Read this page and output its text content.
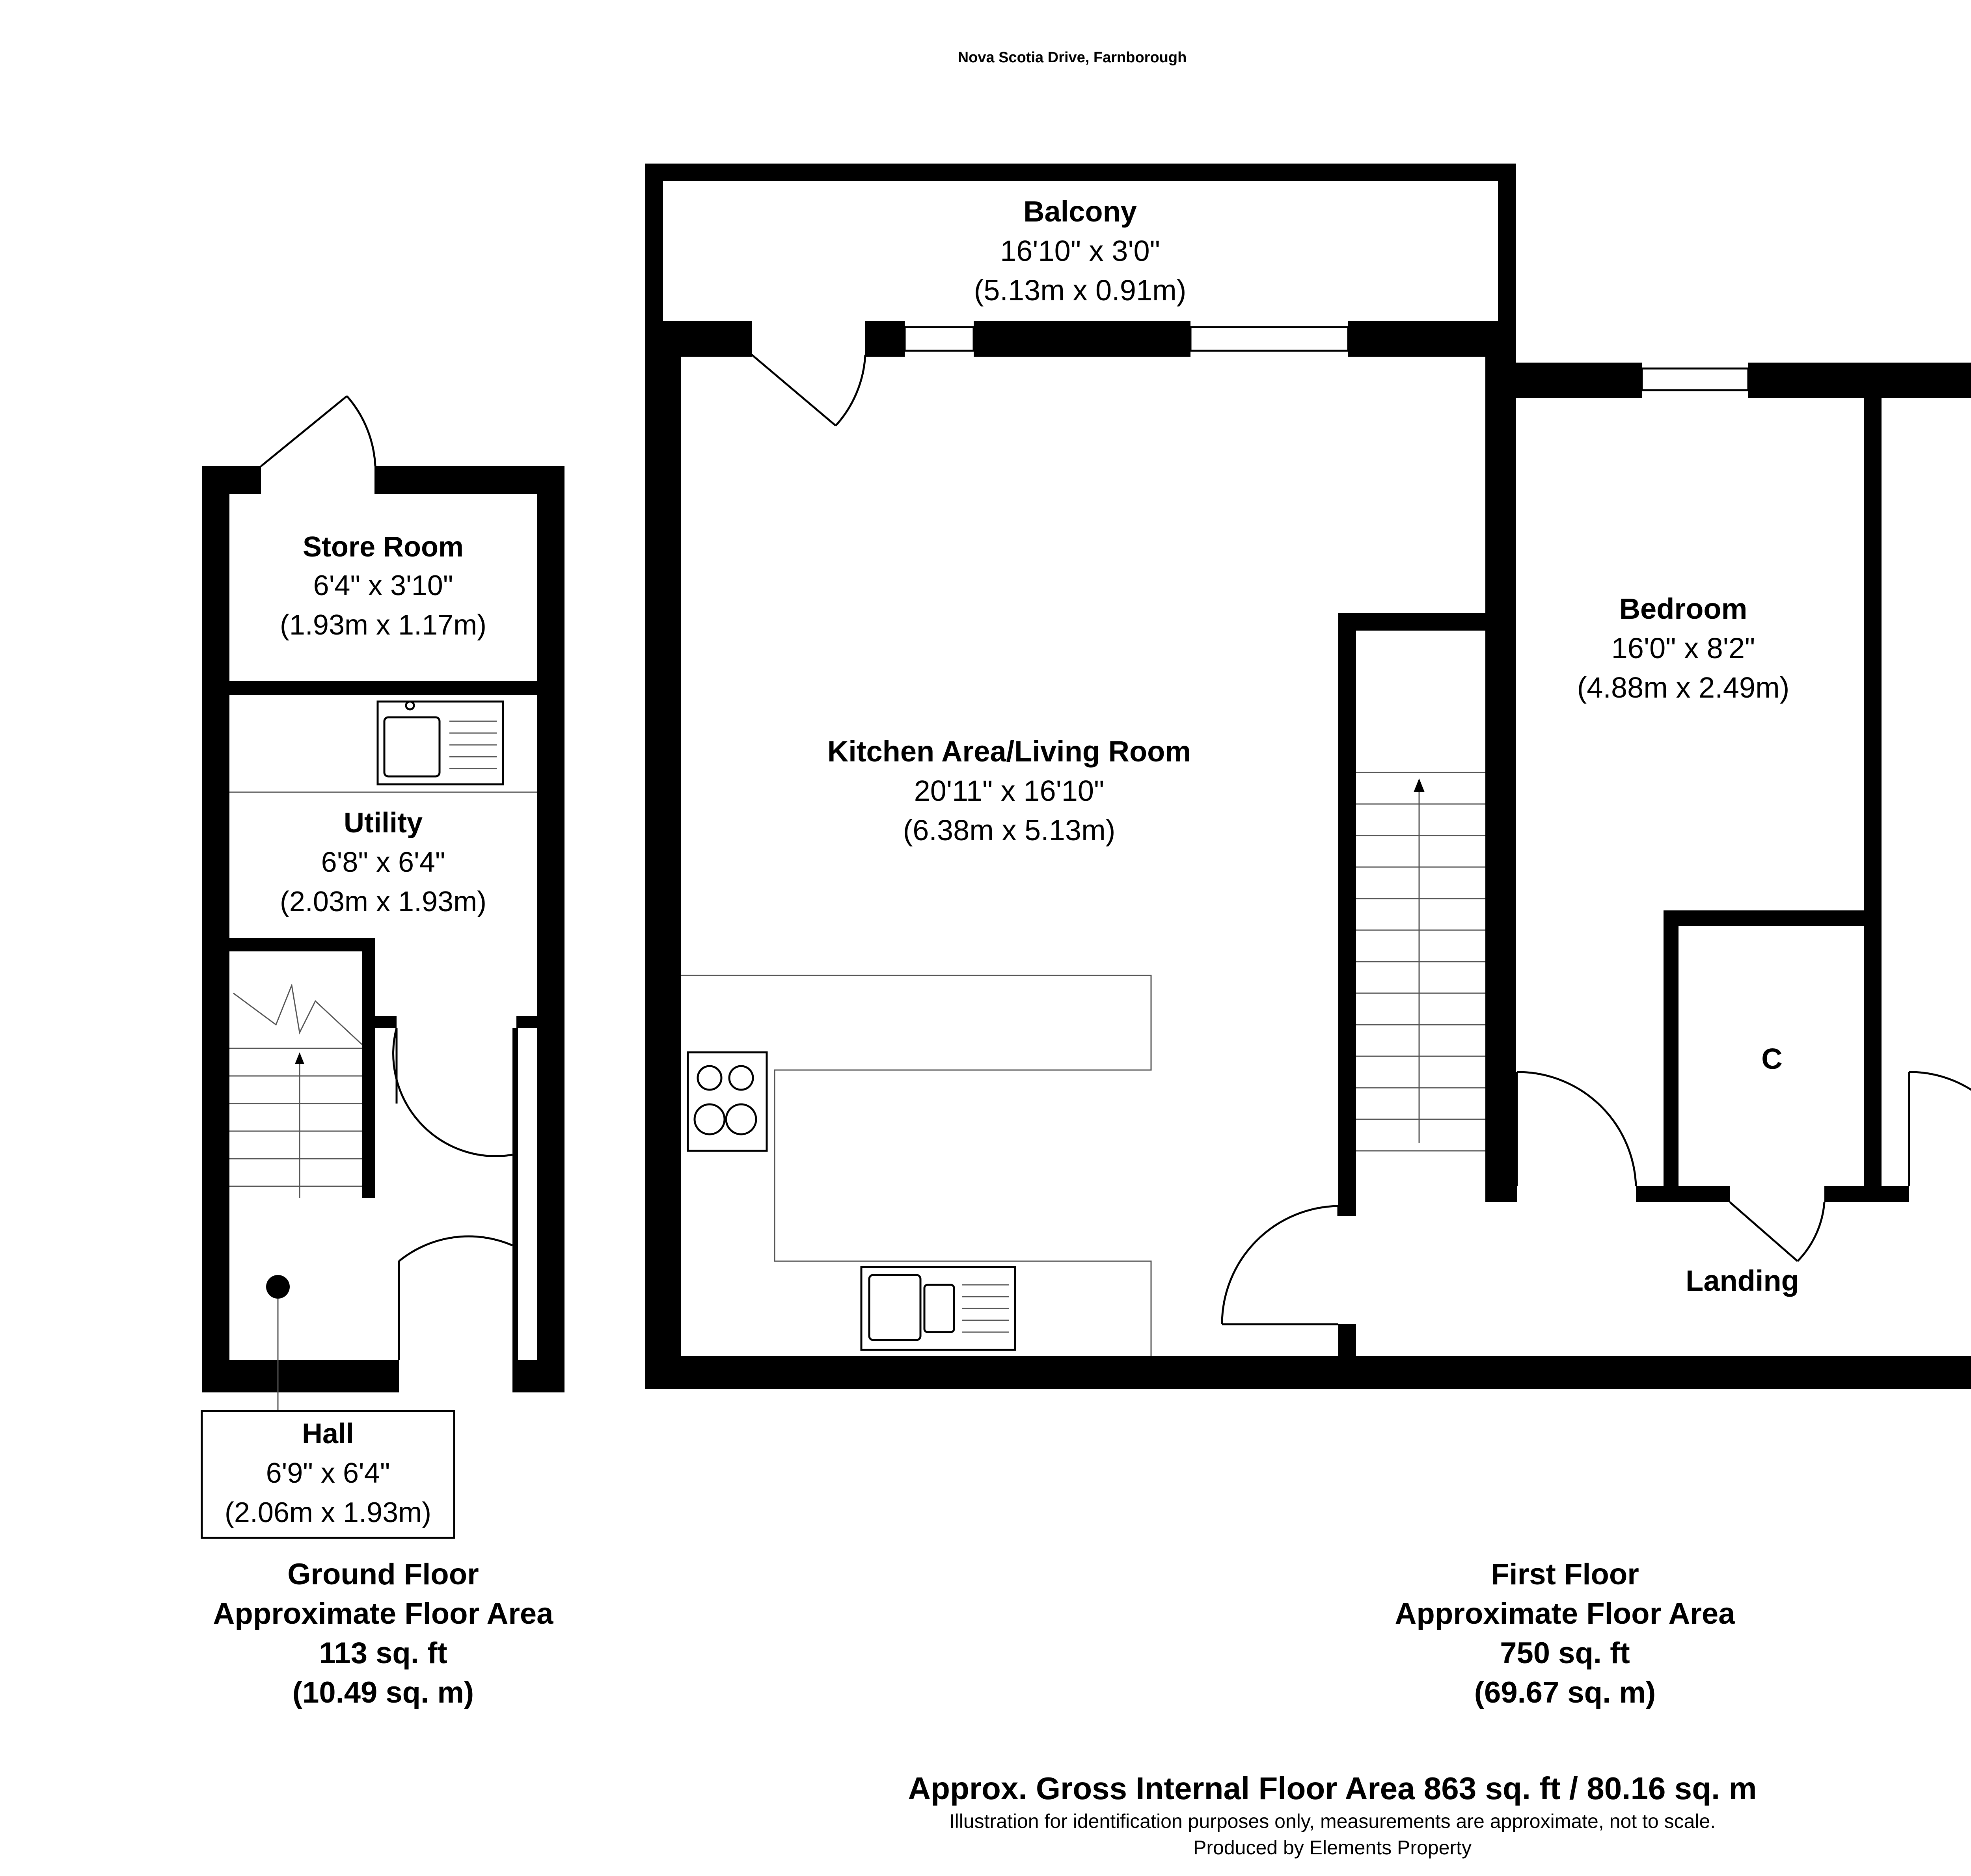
Nova Scotia Drive, Farnborough
Store Room
6'4" x 3'10"
(1.93m x 1.17m)
Utility
6'8" x 6'4"
(2.03m x 1.93m)
Hall
6'9" x 6'4"
(2.06m x 1.93m)
Balcony
16'10" x 3'0"
(5.13m x 0.91m)
Kitchen Area/Living Room
20'11" x 16'10"
(6.38m x 5.13m)
Bedroom
16'0" x 8'2"
(4.88m x 2.49m)
C
Landing
Ground Floor
Approximate Floor Area
113 sq. ft
(10.49 sq. m)
First Floor
Approximate Floor Area
750 sq. ft
(69.67 sq. m)
Approx. Gross Internal Floor Area 863 sq. ft / 80.16 sq. m
Illustration for identification purposes only, measurements are approximate, not to scale.
Produced by Elements Property
